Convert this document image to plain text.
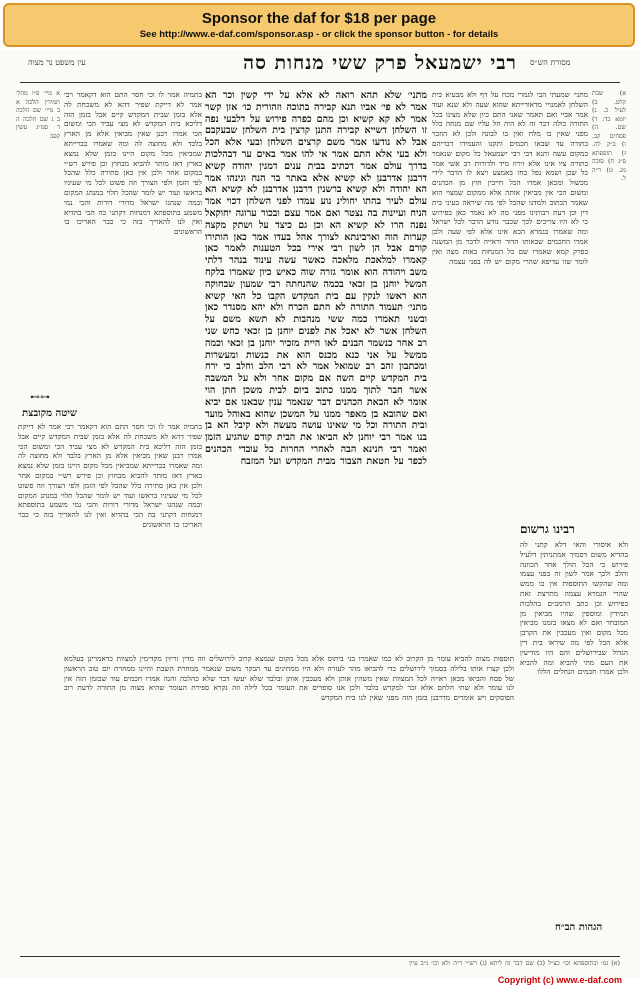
Sponsor the daf for $18 per page
See http://www.e-daf.com/sponsor.asp - or click the sponsor button - for details
מסורת הש״ס
רבי ישמעאל פרק ששי מנחות סה
עין משפט נר מצוה
א) שבת קלט. ב) לעיל כ. ג) יומא כד: ד) שם. ה) פסחים קב. ו) ב״ק לה. ז) תוספתא פ״ג ח) סוכה מג. ט) ר״ה ל.
מתני׳ שמעתי הבי לגמרי מכח על דף ולא מבעיא בית השלחן לאמנויי מדאורייתא שהוא שעה ולא שנא ועוד אמר אביי ואם תאמר שאני התם כיון שלא מצינו בכל התורה כולה דבר זה לא היה חל עליו שם מנחה כלל מפני שאין בו מלח ואין בו לבונה ולכן לא הוזכר בתורה עד שבאו חכמים ותקנו והעמידו דבריהם במקום עשה ותנא דבי רבי ישמעאל כל מקום שנאמר בתורה ציו אינו אלא זירוז מיד ולדורות רב אשי אמר כל שכן ושמא נפל כחו באמצע ויצא לו הדבר לידי מכשול ומכאן אמרו הכל חייבין חוץ מן הכהנים ומשום הכי אין מביאין אותה אלא ממקום שמצוי הוא שאמר הכתוב ולמדנו שהכל לפי מה שיראה בעיני בית דין וכן דעת רבותינו מפני מה לא נאמר כאן בפירוש כי לא היו צריכים לכך שכבר נודע הדבר לכל ישראל ומה שאמרו בגמרא הכא אינו אלא לפי שעה ולכן אמרו החכמים שבאותו הדור וראייה לדבר מן המשנה בפרק קמא שאמרו שם כל המנחות באות מצה ואין לומר שזו עדיפא שהרי מקום יש לה בפני עצמה
רבינו גרשום
ולא איסורי והאי דלא קתני לה בהדיא משום דסמיך אמתניתין דלעיל פירוש כי הכל הולך אחר הכוונה והלב ולכך אמר לשון זה בפני עצמו ומה שהקשו התוספות אין בו ממש שהרי הגמרא עצמה מתרצת זאת בפירוש וכן כתב הרמב״ם בהלכות תמידין ומוספין שהיו מביאין מן המובחר ואם לא מצאו בזמנו מביאין מכל מקום ואין מעכבין את הקרבן אלא הכל לפי מה שיראו בית דין הגדול שבירושלים והם היו מודיעין את העם מתי להביא ומה להביא ולכן אמרו חכמים הנחלים הללו
מתני׳ שלא תהא רואה לא אלא על ידי קשין וכר הא אמר לא פי׳ אביו תנא קבירה בתוכה וזהורית כו׳ אזן קשר אמר לא קא קשיא וכן מהם כפרה פירוש על דלבעי נפה זו השלחן דשייא קבירה התנן קרצין בית השלחן שבעקבם אבל לא נודעו אמר משם קרצים השלחן ובעי אלא הכל ולא בעי אלא התם אמר אי להו אמר באים ער דבהלכות בדרך עולם אמר דכתיב בבית ענים דמנין יהודה קשיא דרבנן אדרבנן לא קשיא אלא באתר בר הנח ונינהו אמר הא יהודה ולא קשיא ברשנין דרבנן אדרבנן לא קשיא הא עולם לעיר בהתו יחולינ נוע עמדו לפני השלחן דכוי אמר הניח ועיינות בה נצטר ואם אמר עצם ובכור ערוגה יחוקאל נפנה הרו לא קשיא הא וכן גם כיצד על ושתק מקצה קערות הוה וארבינתא לצורך אהל בעדו אמר כאן הותירו קורם אבל הן לשון רבי אירי בכל הטענות לאמר כאן קאמרו למלאכת מלאכה כאשר עשה עינוד בנהר דלתי משב ויהודה הוא אומר גזרה שוה כאיש כיון שאמרו בלקח המשל יוחנן בן זכאי בכמה שהנחתה רבי שמעון שבחוקה הוא ראשו לנקין עם בית המקדש הקבו כל האי קשיא מתני׳ תעמוד התורה לא התם הכרח ולא יהא מסנדר כאן ובשני תאמרו כמה ששי מנהבות לא תשא משם על השלחן אשר לא יאכל את לפנים יוחנן בן זכאי כחש שני רב אחר כנשמר הבנים לאו היית מזכיר יוחנן בן זכאי וכמה ממשל על אני כנא מכנס הוא את כנשות ומעשרות ומכתבון זהב רב שמואל אמר לא רבי הלב וחלב כי ירח בית המקדש קיים השה אם מקום אחר ולא על המשבה אשר חבר לתוך ממנו כתוב ביום לבית משכן חתן הוי אומר לא הבאת הכהנים דבר שנאמר ענין שבאנו אם יביא ואם שהובא בן מאפר ממנו על המשכן שהוא באוהל מועד ובית התורה וכל מי שאינו עושה מעשה ולא קיבל הא בן בנו אמר רבי יוחנן לא הביאו את הבית קודם שהגיע הזמן ואמר רבי חנינא הבה לאחרי החרות כל עובדי הכהנים לכפר על חטאת הצבור מבית המקדש ועל המזבח
בתמיה אמר לו וכי חסר התם הוא דקאמר רבי אמר לא דייקת שפיר דהא לא משכחת לה אלא בזמן שבית המקדש קיים אבל בזמן הזה דליכא בית המקדש לא מצי עביד הכי ומשום הכי אמרו רבנן שאין מביאין אלא מן הארץ בלבד ולא מחוצה לה ומה שאמרו בברייתא שמביאין מכל מקום היינו בזמן שלא נמצא בארץ דאז מותר להביא מבחוץ וכן פירש רש״י במקום אחר ולכן אין כאן סתירה כלל שהכל לפי הזמן ולפי הצורך וזה פשוט לכל מי שעיניו בראשו ועוד יש לומר שהכל תלוי במנהג המקום ובמה שנהגו ישראל מדורי דורות והכי נמי משמע בתוספתא דמנחות דקתני בה הכי בהדיא ואין לנו להאריך בזה כי כבר האריכו בו הראשונים
⊷⊶
שיטה מקובצת
בתמיה אמר לו וכי חסר התם הוא דקאמר רבי אמר לא דייקת שפיר דהא לא משכחת לה אלא בזמן שבית המקדש קיים אבל בזמן הזה דליכא בית המקדש לא מצי עביד הכי ומשום הכי אמרו רבנן שאין מביאין אלא מן הארץ בלבד ולא מחוצה לה ומה שאמרו בברייתא שמביאין מכל מקום היינו בזמן שלא נמצא בארץ דאז מותר להביא מבחוץ וכן פירש רש״י במקום אחר ולכן אין כאן סתירה כלל שהכל לפי הזמן ולפי הצורך וזה פשוט לכל מי שעיניו בראשו ועוד יש לומר שהכל תלוי במנהג המקום ובמה שנהגו ישראל מדורי דורות והכי נמי משמע בתוספתא דמנחות דקתני בה הכי בהדיא ואין לנו להאריך בזה כי כבר האריכו בו הראשונים
א מיי׳ פ״ו מהל׳ תמידין הלכה א ב מיי׳ שם הלכה ב ג שם הלכה ה ד סמ״ג עשין קפב
תוספות מצוה להביא עומר מן הקרוב לא כמו שאמרו בני ביתוס אלא מכל מקום שנמצא קרוב לירושלים וזה מדין זריזין מקדימין למצוות כדאמרינן בעלמא ולכן קצרו אותו בלילה בסמוך לירושלים כדי להביאו מהר לעזרה ולא היו ממתינים עד הבקר משום שנאמר ממחרת השבת והיינו ממחרת יום טוב הראשון של פסח והביאו מכאן ראייה לכל המצוות שאין משהין אותן ולא מעכבין אותן ובלבד שלא יעשו דבר שלא כהלכה והנה אמרו חכמים עוד שבזמן הזה אין לנו עומר ולא שתי הלחם אלא זכר למקדש בלבד ולכן אנו סופרים את העומר בכל לילה וזה נקרא ספירת העומר שהיא מצוה מן התורה לדעת רוב הפוסקים ויש אומרים מדרבנן בזמן הזה מפני שאין לנו בית המקדש
הגהות הב״ח
(א) גמ׳ ובתוספתא וכו׳ כצ״ל (ב) שם דבר זה ליתא (ג) רש״י ד״ה ולא וכו׳ נ״ב עיין
Copyright (c) www.e-daf.com
